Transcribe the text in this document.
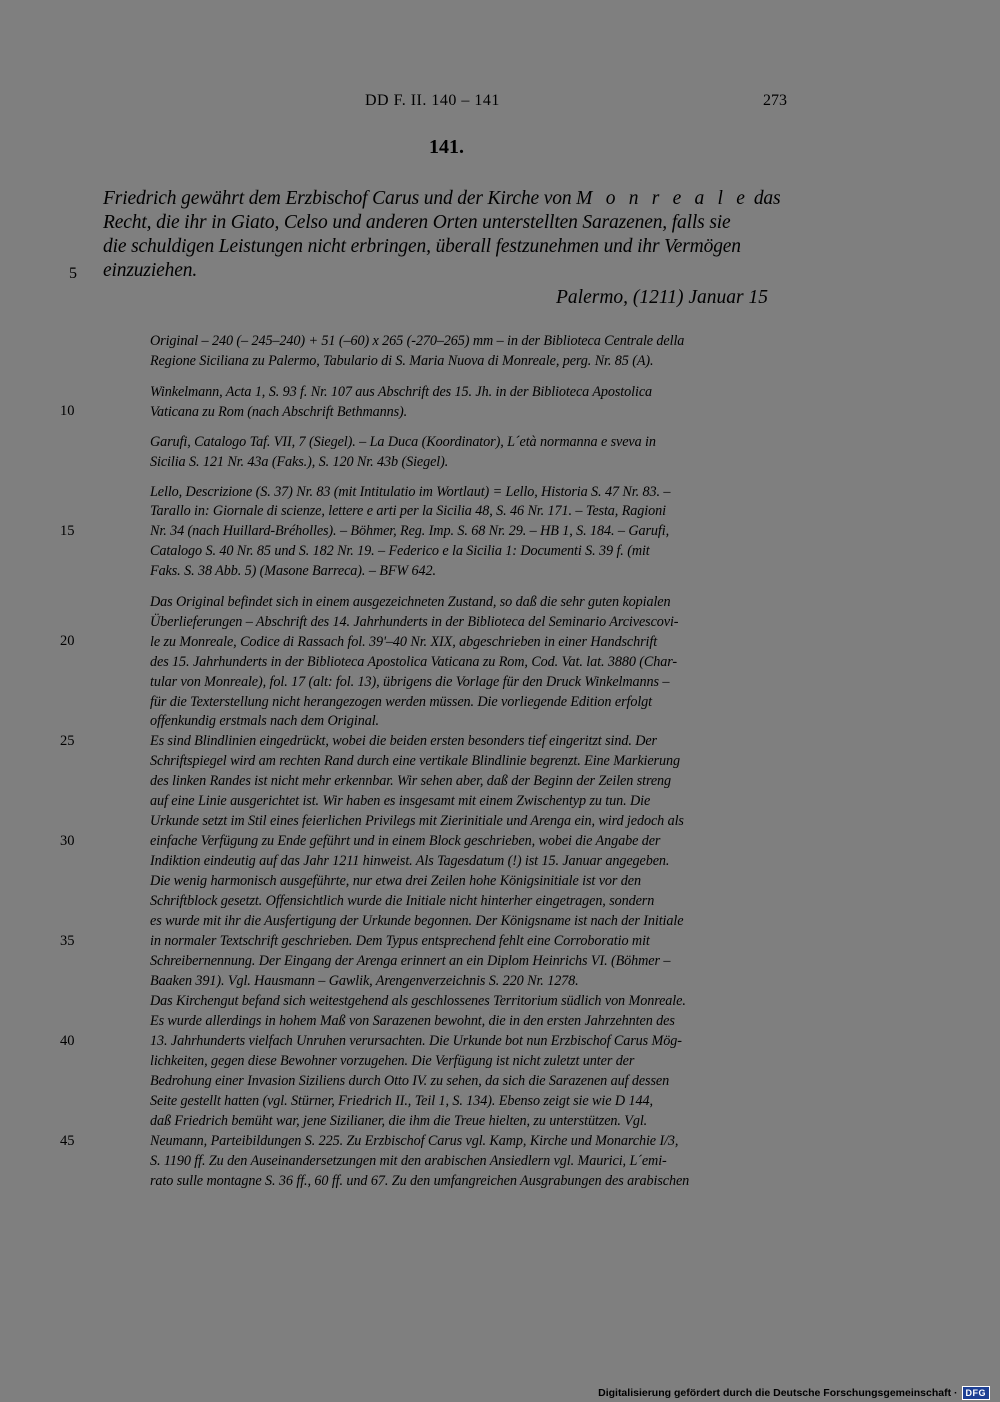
DD F. II. 140 – 141	273
141.
Friedrich gewährt dem Erzbischof Carus und der Kirche von M o n r e a l e das
Recht, die ihr in Giato, Celso und anderen Orten unterstellten Sarazenen, falls sie
die schuldigen Leistungen nicht erbringen, überall festzunehmen und ihr Vermögen
einzuziehen.
Palermo, (1211) Januar 15
5
10
15
20
25
30
35
40
45
Original – 240 (– 245–240) + 51 (–60) x 265 (-270–265) mm – in der Biblioteca Centrale della
Regione Siciliana zu Palermo, Tabulario di S. Maria Nuova di Monreale, perg. Nr. 85 (A).
Winkelmann, Acta 1, S. 93 f. Nr. 107 aus Abschrift des 15. Jh. in der Biblioteca Apostolica
Vaticana zu Rom (nach Abschrift Bethmanns).
Garufi, Catalogo Taf. VII, 7 (Siegel). – La Duca (Koordinator), L´età normanna e sveva in
Sicilia S. 121 Nr. 43a (Faks.), S. 120 Nr. 43b (Siegel).
Lello, Descrizione (S. 37) Nr. 83 (mit Intitulatio im Wortlaut) = Lello, Historia S. 47 Nr. 83. –
Tarallo in: Giornale di scienze, lettere e arti per la Sicilia 48, S. 46 Nr. 171. – Testa, Ragioni
Nr. 34 (nach Huillard-Bréholles). – Böhmer, Reg. Imp. S. 68 Nr. 29. – HB 1, S. 184. – Garufi,
Catalogo S. 40 Nr. 85 und S. 182 Nr. 19. – Federico e la Sicilia 1: Documenti S. 39 f. (mit
Faks. S. 38 Abb. 5) (Masone Barreca). – BFW 642.
Das Original befindet sich in einem ausgezeichneten Zustand, so daß die sehr guten kopialen
Überlieferungen – Abschrift des 14. Jahrhunderts in der Biblioteca del Seminario Arcivescovi-
le zu Monreale, Codice di Rassach fol. 39'–40 Nr. XIX, abgeschrieben in einer Handschrift
des 15. Jahrhunderts in der Biblioteca Apostolica Vaticana zu Rom, Cod. Vat. lat. 3880 (Char-
tular von Monreale), fol. 17 (alt: fol. 13), übrigens die Vorlage für den Druck Winkelmanns –
für die Texterstellung nicht herangezogen werden müssen. Die vorliegende Edition erfolgt
offenkundig erstmals nach dem Original.
Es sind Blindlinien eingedrückt, wobei die beiden ersten besonders tief eingeritzt sind. Der
Schriftspiegel wird am rechten Rand durch eine vertikale Blindlinie begrenzt. Eine Markierung
des linken Randes ist nicht mehr erkennbar. Wir sehen aber, daß der Beginn der Zeilen streng
auf eine Linie ausgerichtet ist. Wir haben es insgesamt mit einem Zwischentyp zu tun. Die
Urkunde setzt im Stil eines feierlichen Privilegs mit Zierinitiale und Arenga ein, wird jedoch als
einfache Verfügung zu Ende geführt und in einem Block geschrieben, wobei die Angabe der
Indiktion eindeutig auf das Jahr 1211 hinweist. Als Tagesdatum (!) ist 15. Januar angegeben.
Die wenig harmonisch ausgeführte, nur etwa drei Zeilen hohe Königsinitiale ist vor den
Schriftblock gesetzt. Offensichtlich wurde die Initiale nicht hinterher eingetragen, sondern
es wurde mit ihr die Ausfertigung der Urkunde begonnen. Der Königsname ist nach der Initiale
in normaler Textschrift geschrieben. Dem Typus entsprechend fehlt eine Corroboratio mit
Schreibernennung. Der Eingang der Arenga erinnert an ein Diplom Heinrichs VI. (Böhmer –
Baaken 391). Vgl. Hausmann – Gawlik, Arengenverzeichnis S. 220 Nr. 1278.
Das Kirchengut befand sich weitestgehend als geschlossenes Territorium südlich von Monreale.
Es wurde allerdings in hohem Maß von Sarazenen bewohnt, die in den ersten Jahrzehnten des
13. Jahrhunderts vielfach Unruhen verursachten. Die Urkunde bot nun Erzbischof Carus Mög-
lichkeiten, gegen diese Bewohner vorzugehen. Die Verfügung ist nicht zuletzt unter der
Bedrohung einer Invasion Siziliens durch Otto IV. zu sehen, da sich die Sarazenen auf dessen
Seite gestellt hatten (vgl. Stürner, Friedrich II., Teil 1, S. 134). Ebenso zeigt sie wie D 144,
daß Friedrich bemüht war, jene Sizilianer, die ihm die Treue hielten, zu unterstützen. Vgl.
Neumann, Parteibildungen S. 225. Zu Erzbischof Carus vgl. Kamp, Kirche und Monarchie I/3,
S. 1190 ff. Zu den Auseinandersetzungen mit den arabischen Ansiedlern vgl. Maurici, L´emi-
rato sulle montagne S. 36 ff., 60 ff. und 67. Zu den umfangreichen Ausgrabungen des arabischen
Digitalisierung gefördert durch die Deutsche Forschungsgemeinschaft · DFG
